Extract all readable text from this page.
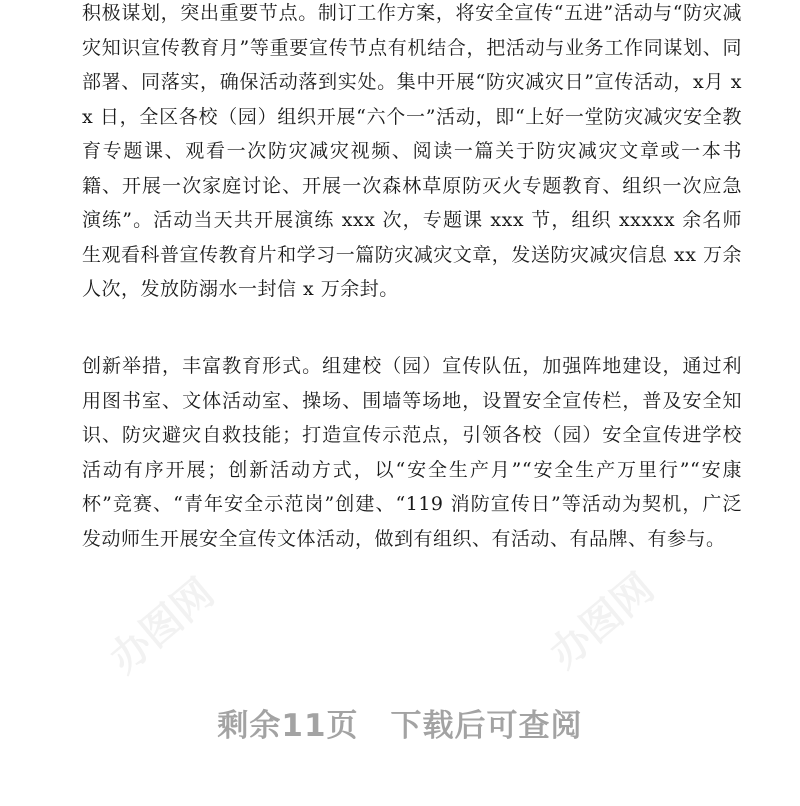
积极谋划，突出重要节点。制订工作方案，将安全宣传“五进”活动与“防灾减灾知识宣传教育月”等重要宣传节点有机结合，把活动与业务工作同谋划、同部署、同落实，确保活动落到实处。集中开展“防灾减灾日”宣传活动，x月 xx 日，全区各校（园）组织开展“六个一”活动，即“上好一堂防灾减灾安全教育专题课、观看一次防灾减灾视频、阅读一篇关于防灾减灾文章或一本书籍、开展一次家庭讨论、开展一次森林草原防灭火专题教育、组织一次应急演练”。活动当天共开展演练 xxx 次，专题课 xxx 节，组织 xxxxx 余名师生观看科普宣传教育片和学习一篇防灾减灾文章，发送防灾减灾信息 xx 万余人次，发放防溺水一封信 x 万余封。

创新举措，丰富教育形式。组建校（园）宣传队伍，加强阵地建设，通过利用图书室、文体活动室、操场、围墙等场地，设置安全宣传栏，普及安全知识、防灾避灾自救技能；打造宣传示范点，引领各校（园）安全宣传进学校活动有序开展；创新活动方式，以“安全生产月”“安全生产万里行”“安康杯”竞赛、“青年安全示范岗”创建、“119 消防宣传日”等活动为契机，广泛发动师生开展安全宣传文体活动，做到有组织、有活动、有品牌、有参与。

办图网	办图网
剩余11页　下载后可查阅
